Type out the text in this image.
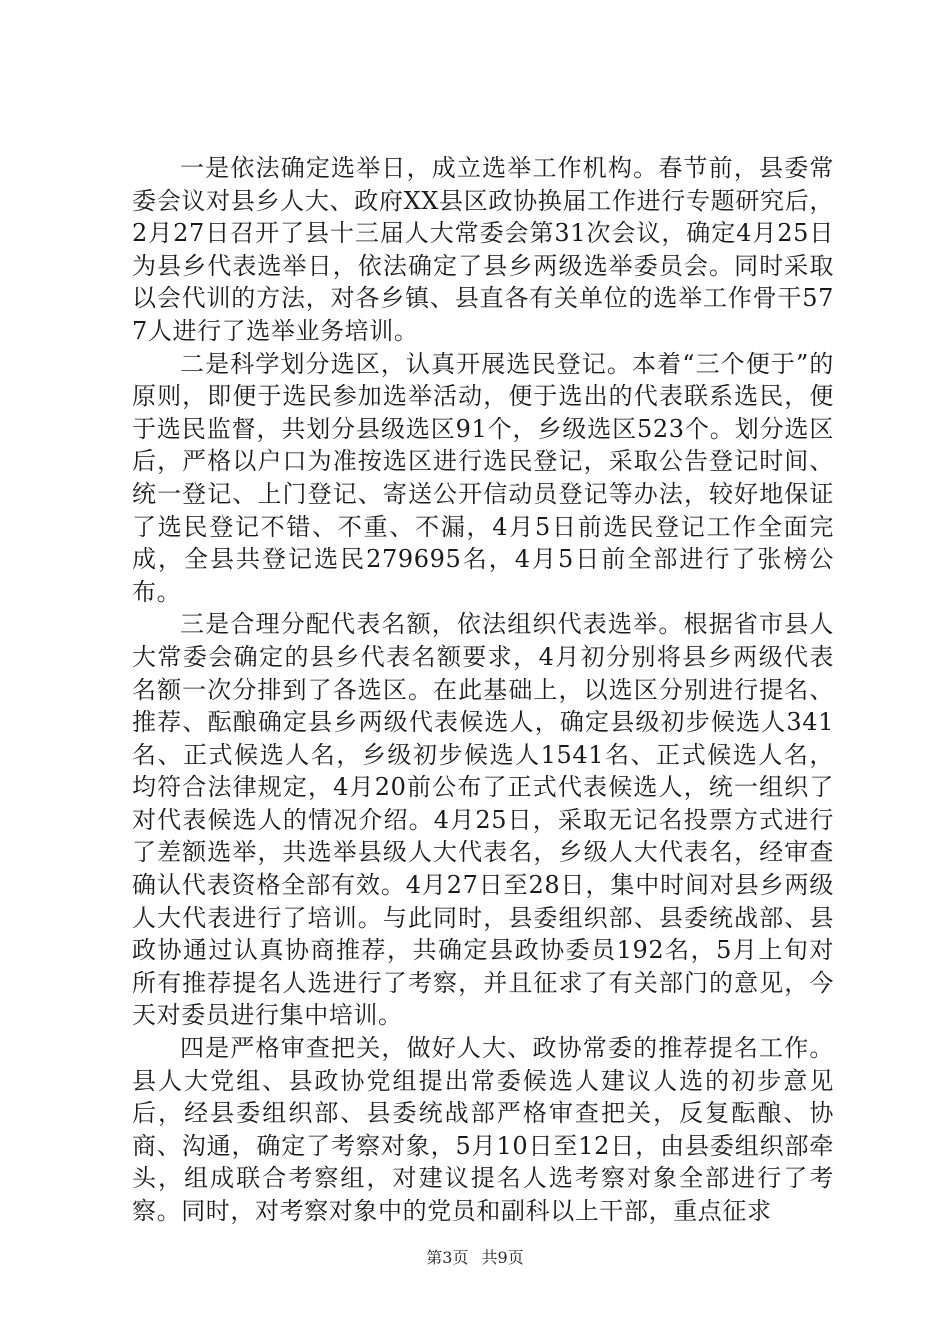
一是依法确定选举日，成立选举工作机构。春节前，县委常委会议对县乡人大、政府XX县区政协换届工作进行专题研究后，2月27日召开了县十三届人大常委会第31次会议，确定4月25日为县乡代表选举日，依法确定了县乡两级选举委员会。同时采取以会代训的方法，对各乡镇、县直各有关单位的选举工作骨干577人进行了选举业务培训。

二是科学划分选区，认真开展选民登记。本着“三个便于”的原则，即便于选民参加选举活动，便于选出的代表联系选民，便于选民监督，共划分县级选区91个，乡级选区523个。划分选区后，严格以户口为准按选区进行选民登记，采取公告登记时间、统一登记、上门登记、寄送公开信动员登记等办法，较好地保证了选民登记不错、不重、不漏，4月5日前选民登记工作全面完成，全县共登记选民279695名，4月5日前全部进行了张榜公布。

三是合理分配代表名额，依法组织代表选举。根据省市县人大常委会确定的县乡代表名额要求，4月初分别将县乡两级代表名额一次分排到了各选区。在此基础上，以选区分别进行提名、推荐、酝酿确定县乡两级代表候选人，确定县级初步候选人341名、正式候选人名，乡级初步候选人1541名、正式候选人名，均符合法律规定，4月20前公布了正式代表候选人，统一组织了对代表候选人的情况介绍。4月25日，采取无记名投票方式进行了差额选举，共选举县级人大代表名，乡级人大代表名，经审查确认代表资格全部有效。4月27日至28日，集中时间对县乡两级人大代表进行了培训。与此同时，县委组织部、县委统战部、县政协通过认真协商推荐，共确定县政协委员192名，5月上旬对所有推荐提名人选进行了考察，并且征求了有关部门的意见，今天对委员进行集中培训。

四是严格审查把关，做好人大、政协常委的推荐提名工作。县人大党组、县政协党组提出常委候选人建议人选的初步意见后，经县委组织部、县委统战部严格审查把关，反复酝酿、协商、沟通，确定了考察对象，5月10日至12日，由县委组织部牵头，组成联合考察组，对建议提名人选考察对象全部进行了考察。同时，对考察对象中的党员和副科以上干部，重点征求

第3页 共9页
